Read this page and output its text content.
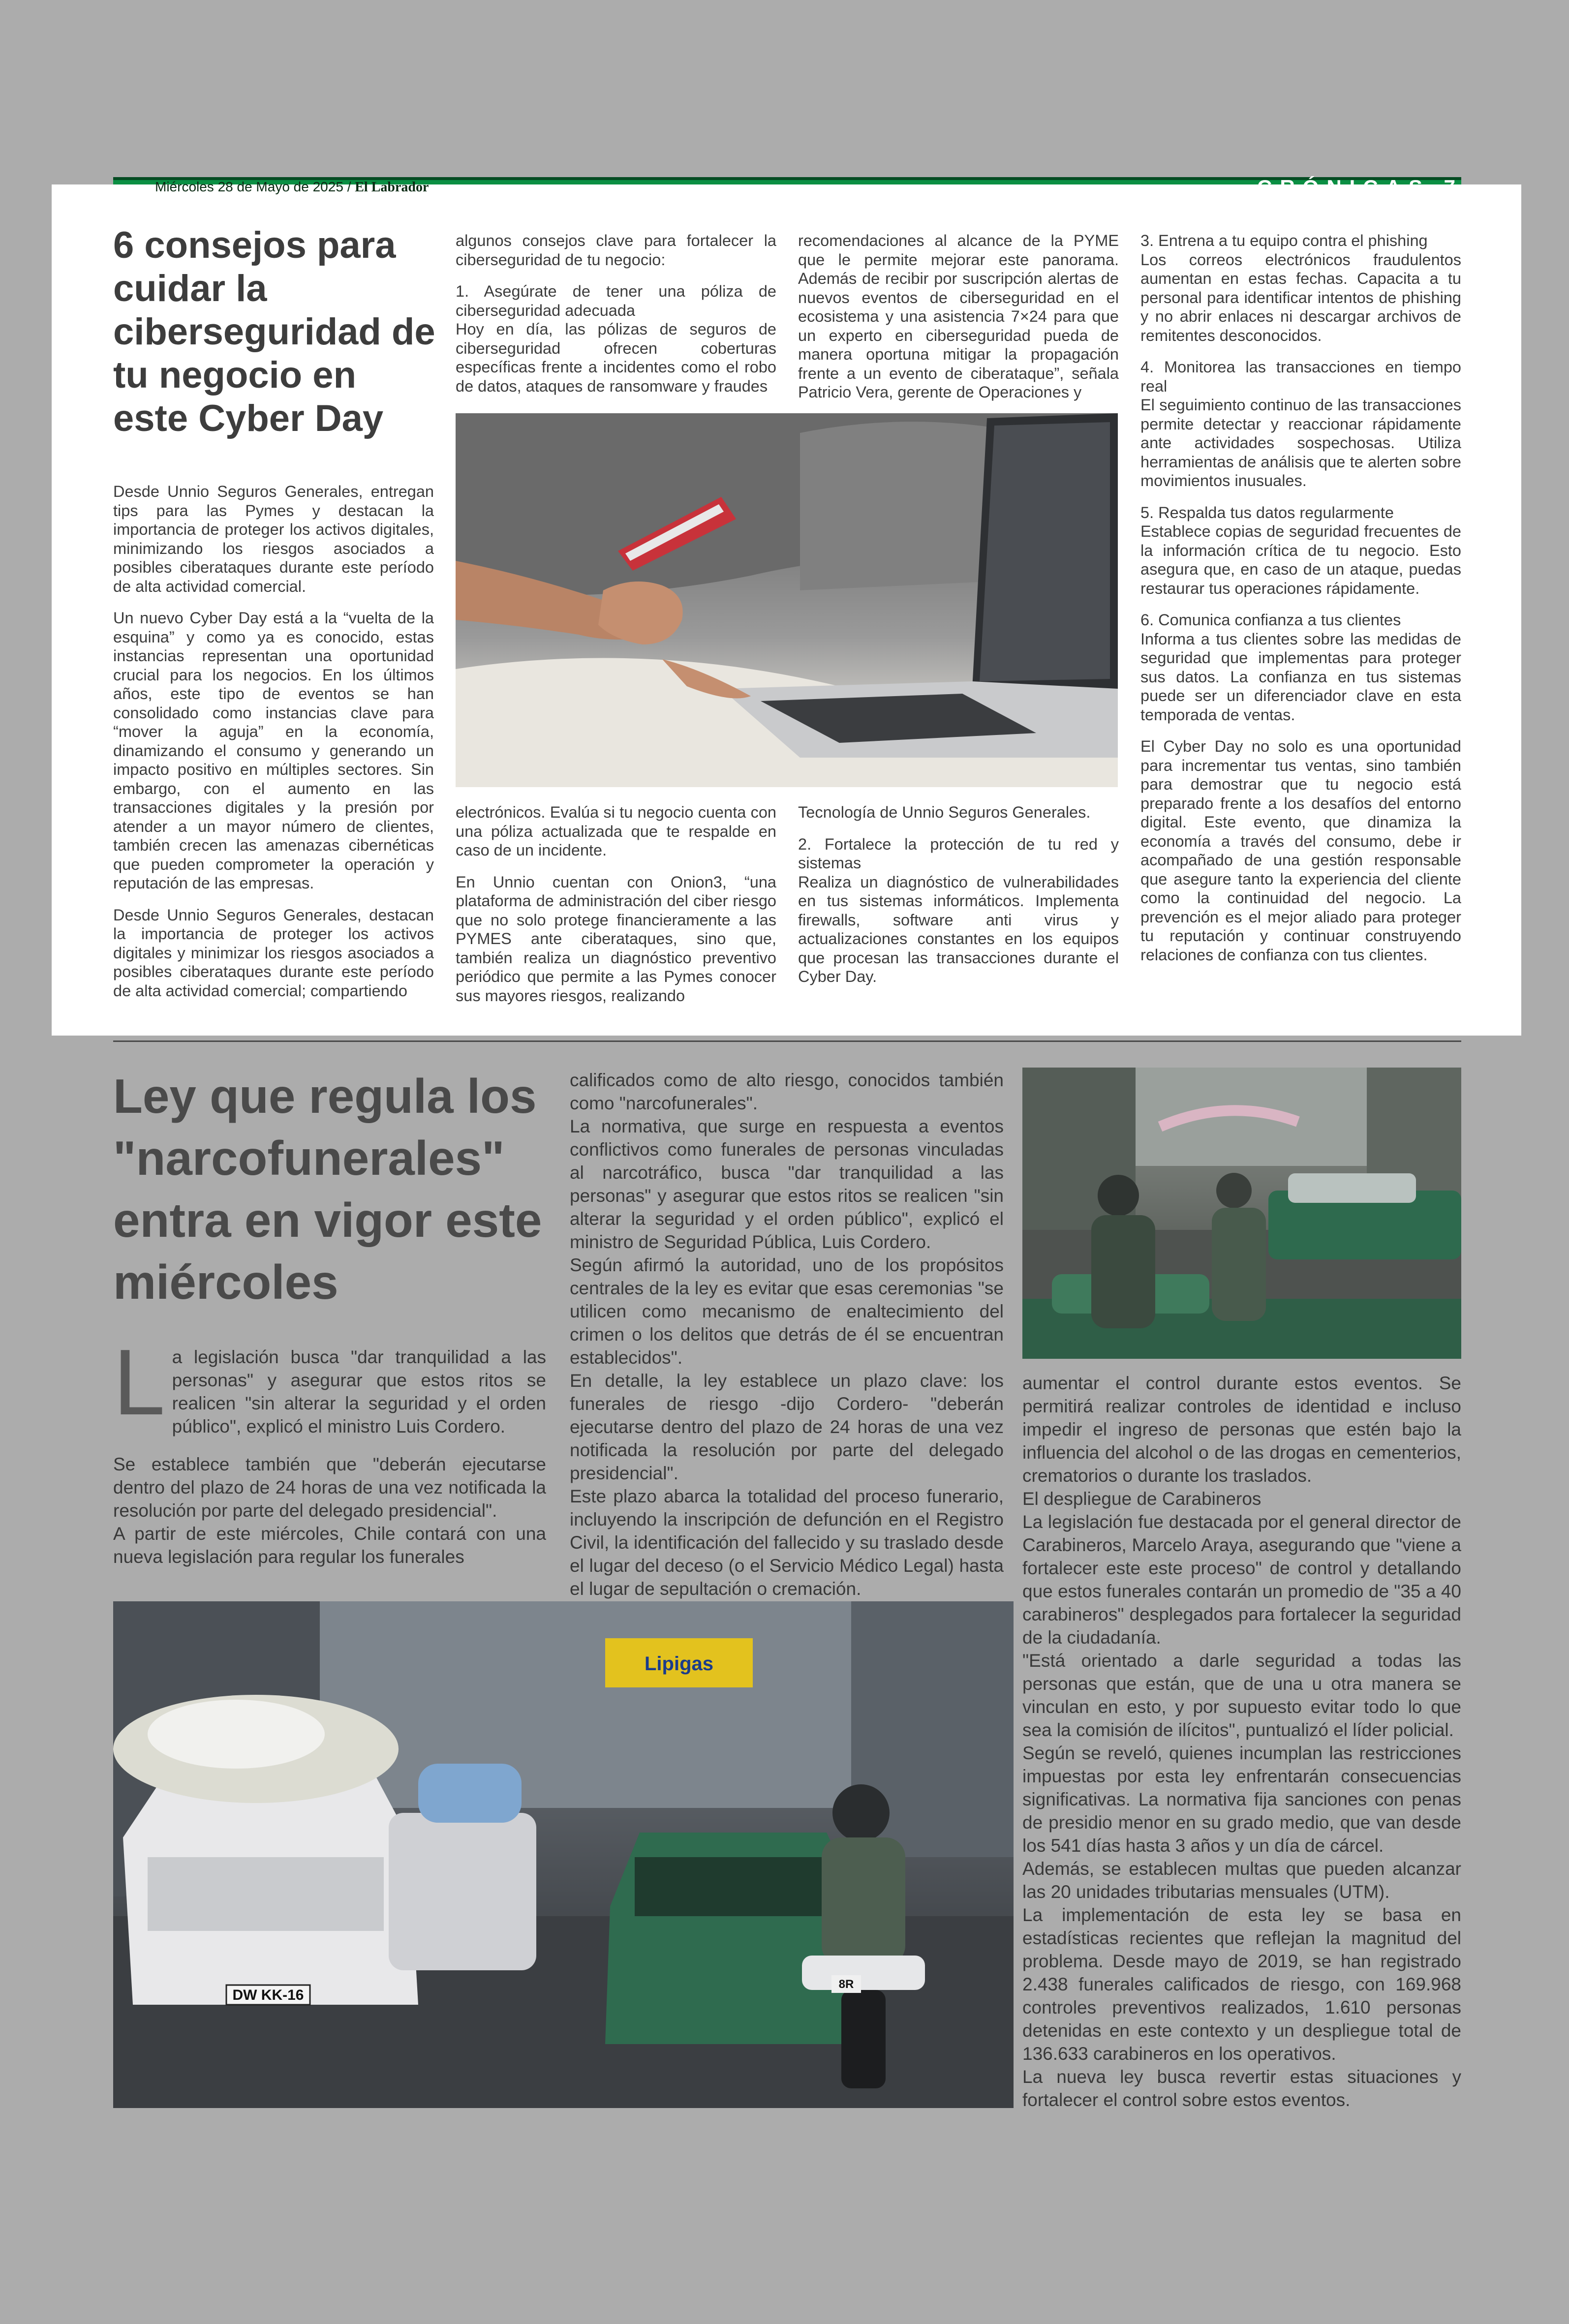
Miércoles 28 de Mayo de 2025 / El Labrador	CRÓNICAS 7
6 consejos para cuidar la ciberseguridad de tu negocio en este Cyber Day

Desde Unnio Seguros Generales, entregan tips para las Pymes y destacan la importancia de proteger los activos digitales, minimizando los riesgos asociados a posibles ciberataques durante este período de alta actividad comercial.

Un nuevo Cyber Day está a la “vuelta de la esquina” y como ya es conocido, estas instancias representan una oportunidad crucial para los negocios. En los últimos años, este tipo de eventos se han consolidado como instancias clave para “mover la aguja” en la economía, dinamizando el consumo y generando un impacto positivo en múltiples sectores. Sin embargo, con el aumento en las transacciones digitales y la presión por atender a un mayor número de clientes, también crecen las amenazas cibernéticas que pueden comprometer la operación y reputación de las empresas.

Desde Unnio Seguros Generales, destacan la importancia de proteger los activos digitales y minimizar los riesgos asociados a posibles ciberataques durante este período de alta actividad comercial; compartiendo

algunos consejos clave para fortalecer la ciberseguridad de tu negocio:

1. Asegúrate de tener una póliza de ciberseguridad adecuada

Hoy en día, las pólizas de seguros de ciberseguridad ofrecen coberturas específicas frente a incidentes como el robo de datos, ataques de ransomware y fraudes

recomendaciones al alcance de la PYME que le permite mejorar este panorama. Además de recibir por suscripción alertas de nuevos eventos de ciberseguridad en el ecosistema y una asistencia 7×24 para que un experto en ciberseguridad pueda de manera oportuna mitigar la propagación frente a un evento de ciberataque”, señala Patricio Vera, gerente de Operaciones y

electrónicos. Evalúa si tu negocio cuenta con una póliza actualizada que te respalde en caso de un incidente.

En Unnio cuentan con Onion3, “una plataforma de administración del ciber riesgo que no solo protege financieramente a las PYMES ante ciberataques, sino que, también realiza un diagnóstico preventivo periódico que permite a las Pymes conocer sus mayores riesgos, realizando

Tecnología de Unnio Seguros Generales.

2. Fortalece la protección de tu red y sistemas

Realiza un diagnóstico de vulnerabilidades en tus sistemas informáticos. Implementa firewalls, software anti virus y actualizaciones constantes en los equipos que procesan las transacciones durante el Cyber Day.

3. Entrena a tu equipo contra el phishing

Los correos electrónicos fraudulentos aumentan en estas fechas. Capacita a tu personal para identificar intentos de phishing y no abrir enlaces ni descargar archivos de remitentes desconocidos.

4. Monitorea las transacciones en tiempo real

El seguimiento continuo de las transacciones permite detectar y reaccionar rápidamente ante actividades sospechosas. Utiliza herramientas de análisis que te alerten sobre movimientos inusuales.

5. Respalda tus datos regularmente

Establece copias de seguridad frecuentes de la información crítica de tu negocio. Esto asegura que, en caso de un ataque, puedas restaurar tus operaciones rápidamente.

6. Comunica confianza a tus clientes

Informa a tus clientes sobre las medidas de seguridad que implementas para proteger sus datos. La confianza en tus sistemas puede ser un diferenciador clave en esta temporada de ventas.

El Cyber Day no solo es una oportunidad para incrementar tus ventas, sino también para demostrar que tu negocio está preparado frente a los desafíos del entorno digital. Este evento, que dinamiza la economía a través del consumo, debe ir acompañado de una gestión responsable que asegure tanto la experiencia del cliente como la continuidad del negocio. La prevención es el mejor aliado para proteger tu reputación y continuar construyendo relaciones de confianza con tus clientes.

Ley que regula los "narcofunerales" entra en vigor este miércoles

La legislación busca "dar tranquilidad a las personas" y asegurar que estos ritos se realicen "sin alterar la seguridad y el orden público", explicó el ministro Luis Cordero.

Se establece también que "deberán ejecutarse dentro del plazo de 24 horas de una vez notificada la resolución por parte del delegado presidencial".

A partir de este miércoles, Chile contará con una nueva legislación para regular los funerales

calificados como de alto riesgo, conocidos también como "narcofunerales".

La normativa, que surge en respuesta a eventos conflictivos como funerales de personas vinculadas al narcotráfico, busca "dar tranquilidad a las personas" y asegurar que estos ritos se realicen "sin alterar la seguridad y el orden público", explicó el ministro de Seguridad Pública, Luis Cordero.

Según afirmó la autoridad, uno de los propósitos centrales de la ley es evitar que esas ceremonias "se utilicen como mecanismo de enaltecimiento del crimen o los delitos que detrás de él se encuentran establecidos".

En detalle, la ley establece un plazo clave: los funerales de riesgo -dijo Cordero- "deberán ejecutarse dentro del plazo de 24 horas de una vez notificada la resolución por parte del delegado presidencial".

Este plazo abarca la totalidad del proceso funerario, incluyendo la inscripción de defunción en el Registro Civil, la identificación del fallecido y su traslado desde el lugar del deceso (o el Servicio Médico Legal) hasta el lugar de sepultación o cremación.

aumentar el control durante estos eventos. Se permitirá realizar controles de identidad e incluso impedir el ingreso de personas que estén bajo la influencia del alcohol o de las drogas en cementerios, crematorios o durante los traslados.

El despliegue de Carabineros

La legislación fue destacada por el general director de Carabineros, Marcelo Araya, asegurando que "viene a fortalecer este este proceso" de control y detallando que estos funerales contarán un promedio de "35 a 40 carabineros" desplegados para fortalecer la seguridad de la ciudadanía.

"Está orientado a darle seguridad a todas las personas que están, que de una u otra manera se vinculan en esto, y por supuesto evitar todo lo que sea la comisión de ilícitos", puntualizó el líder policial.

Según se reveló, quienes incumplan las restricciones impuestas por esta ley enfrentarán consecuencias significativas. La normativa fija sanciones con penas de presidio menor en su grado medio, que van desde los 541 días hasta 3 años y un día de cárcel.

Además, se establecen multas que pueden alcanzar las 20 unidades tributarias mensuales (UTM).

La implementación de esta ley se basa en estadísticas recientes que reflejan la magnitud del problema. Desde mayo de 2019, se han registrado 2.438 funerales calificados de riesgo, con 169.968 controles preventivos realizados, 1.610 personas detenidas en este contexto y un despliegue total de 136.633 carabineros en los operativos.

La nueva ley busca revertir estas situaciones y fortalecer el control sobre estos eventos.

Lipigas
DW KK-16
8R
